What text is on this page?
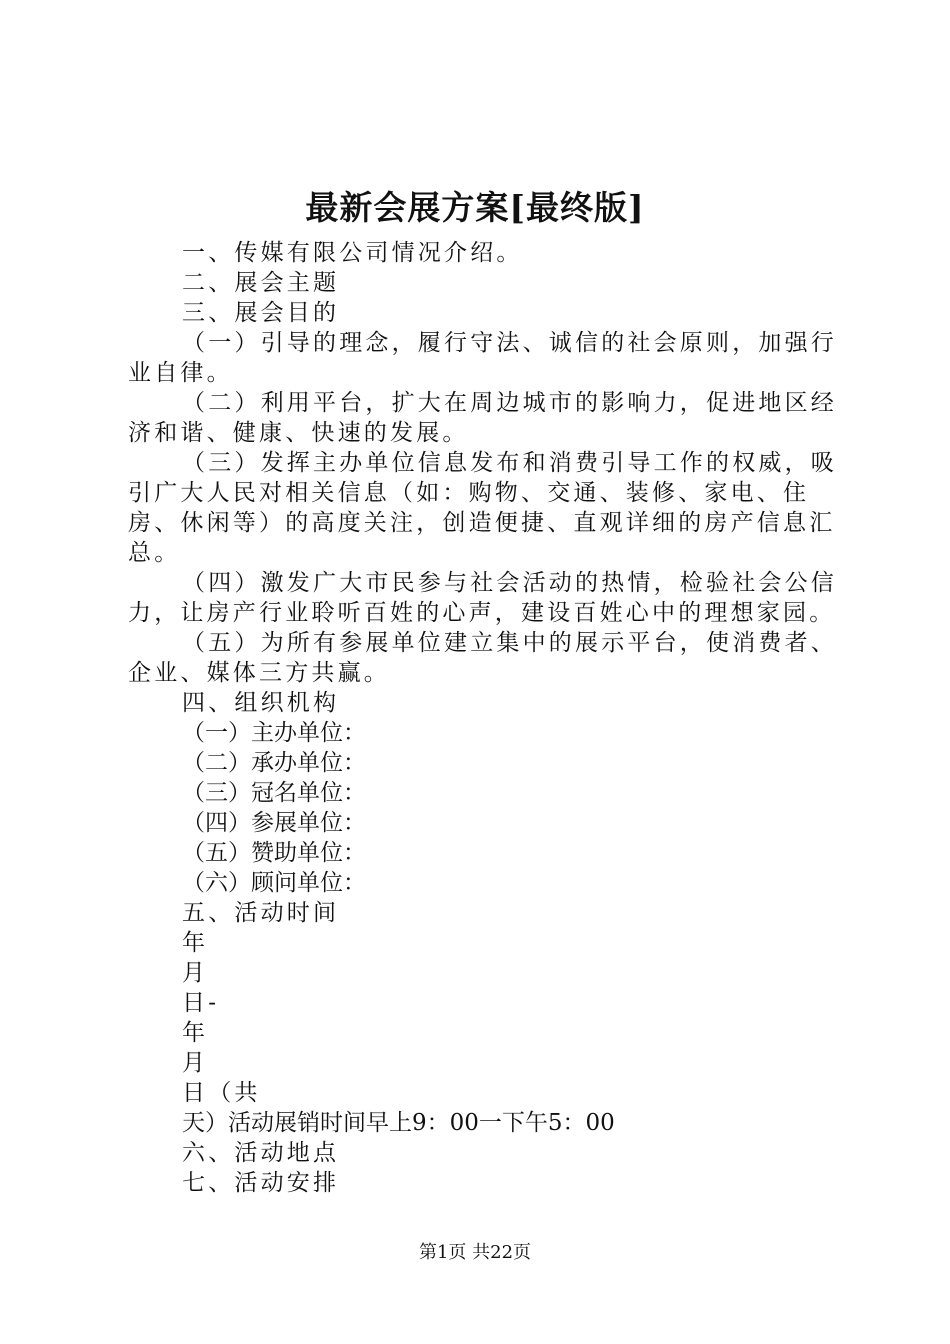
最新会展方案[最终版]

一、传媒有限公司情况介绍。

二、展会主题

三、展会目的

（一）引导的理念，履行守法、诚信的社会原则，加强行业自律。

（二）利用平台，扩大在周边城市的影响力，促进地区经济和谐、健康、快速的发展。

（三）发挥主办单位信息发布和消费引导工作的权威，吸引广大人民对相关信息（如：购物、交通、装修、家电、住房、休闲等）的高度关注，创造便捷、直观详细的房产信息汇总。

（四）激发广大市民参与社会活动的热情，检验社会公信力，让房产行业聆听百姓的心声，建设百姓心中的理想家园。

（五）为所有参展单位建立集中的展示平台，使消费者、企业、媒体三方共赢。

四、组织机构

（一）主办单位：

（二）承办单位：

（三）冠名单位：

（四）参展单位：

（五）赞助单位：

（六）顾问单位：

五、活动时间

年

月

日-

年

月

日（共

天）活动展销时间早上9：00一下午5：00

六、活动地点

七、活动安排

第1页 共22页
